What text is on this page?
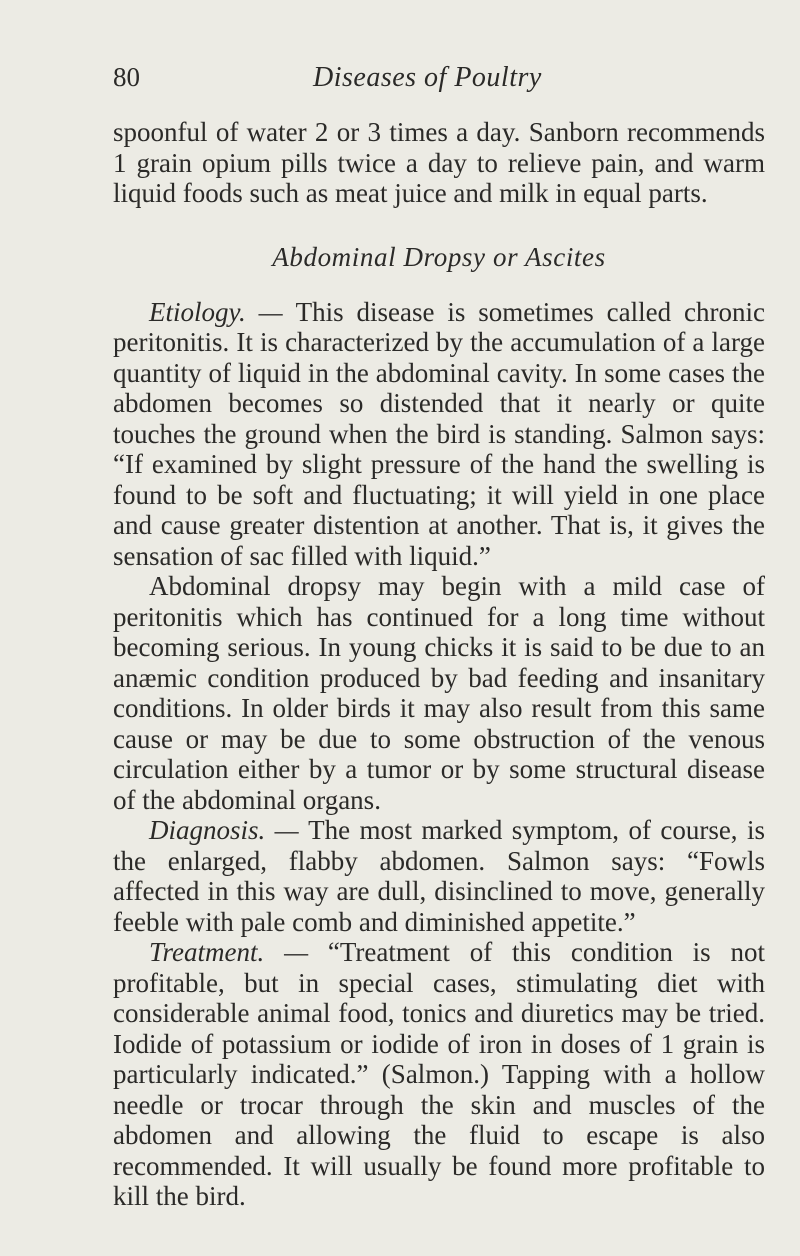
80	Diseases of Poultry

spoonful of water 2 or 3 times a day. Sanborn recommends 1 grain opium pills twice a day to relieve pain, and warm liquid foods such as meat juice and milk in equal parts.

Abdominal Dropsy or Ascites

Etiology. — This disease is sometimes called chronic peritonitis. It is characterized by the accumulation of a large quantity of liquid in the abdominal cavity. In some cases the abdomen becomes so distended that it nearly or quite touches the ground when the bird is standing. Salmon says: “If examined by slight pressure of the hand the swelling is found to be soft and fluctuating; it will yield in one place and cause greater distention at another. That is, it gives the sensation of sac filled with liquid.”

Abdominal dropsy may begin with a mild case of peritonitis which has continued for a long time without becoming serious. In young chicks it is said to be due to an anæmic condition produced by bad feeding and insanitary conditions. In older birds it may also result from this same cause or may be due to some obstruction of the venous circulation either by a tumor or by some structural disease of the abdominal organs.

Diagnosis. — The most marked symptom, of course, is the enlarged, flabby abdomen. Salmon says: “Fowls affected in this way are dull, disinclined to move, generally feeble with pale comb and diminished appetite.”

Treatment. — “Treatment of this condition is not profitable, but in special cases, stimulating diet with considerable animal food, tonics and diuretics may be tried. Iodide of potassium or iodide of iron in doses of 1 grain is particularly indicated.” (Salmon.) Tapping with a hollow needle or trocar through the skin and muscles of the abdomen and allowing the fluid to escape is also recommended. It will usually be found more profitable to kill the bird.
